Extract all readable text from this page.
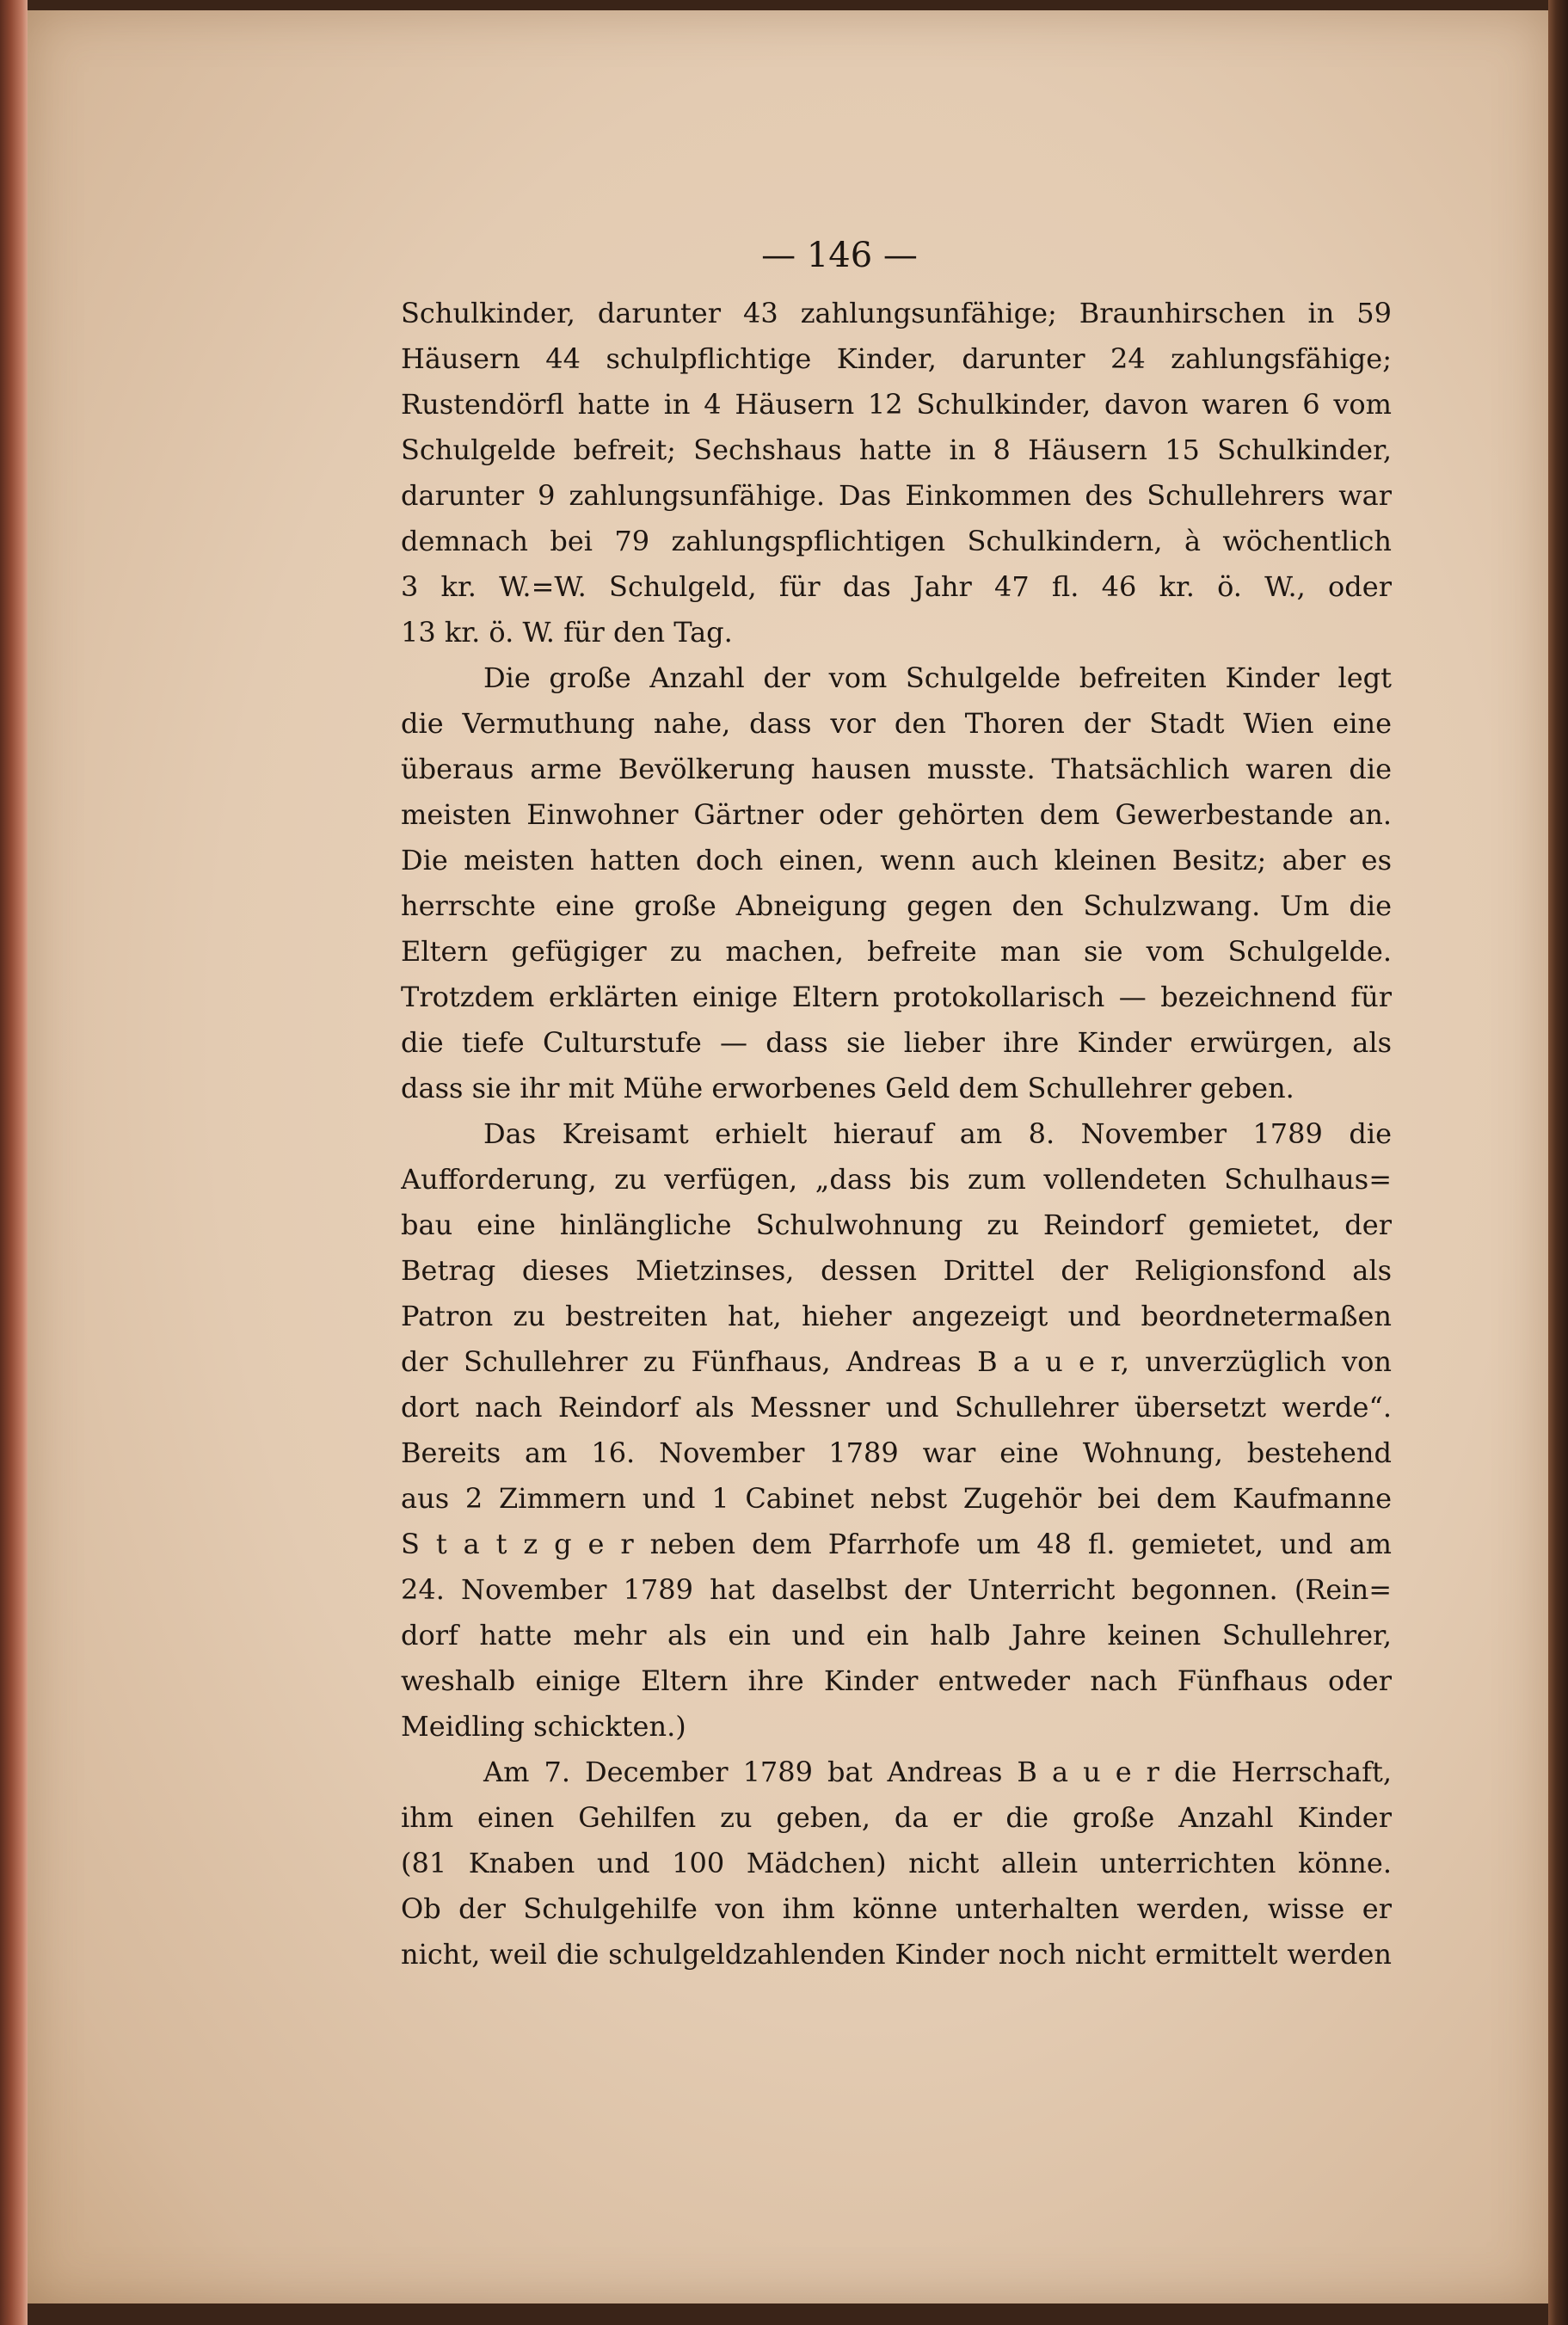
— 146 —
Schulkinder, darunter 43 zahlungsunfähige; Braunhirschen in 59
Häusern 44 schulpflichtige Kinder, darunter 24 zahlungsfähige;
Rustendörfl hatte in 4 Häusern 12 Schulkinder, davon waren 6 vom
Schulgelde befreit; Sechshaus hatte in 8 Häusern 15 Schulkinder,
darunter 9 zahlungsunfähige. Das Einkommen des Schullehrers war
demnach bei 79 zahlungspflichtigen Schulkindern, à wöchentlich
3 kr. W.=W. Schulgeld, für das Jahr 47 fl. 46 kr. ö. W., oder
13 kr. ö. W. für den Tag.
Die große Anzahl der vom Schulgelde befreiten Kinder legt
die Vermuthung nahe, dass vor den Thoren der Stadt Wien eine
überaus arme Bevölkerung hausen musste. Thatsächlich waren die
meisten Einwohner Gärtner oder gehörten dem Gewerbestande an.
Die meisten hatten doch einen, wenn auch kleinen Besitz; aber es
herrschte eine große Abneigung gegen den Schulzwang. Um die
Eltern gefügiger zu machen, befreite man sie vom Schulgelde.
Trotzdem erklärten einige Eltern protokollarisch — bezeichnend für
die tiefe Culturstufe — dass sie lieber ihre Kinder erwürgen, als
dass sie ihr mit Mühe erworbenes Geld dem Schullehrer geben.
Das Kreisamt erhielt hierauf am 8. November 1789 die
Aufforderung, zu verfügen, „dass bis zum vollendeten Schulhaus=
bau eine hinlängliche Schulwohnung zu Reindorf gemietet, der
Betrag dieses Mietzinses, dessen Drittel der Religionsfond als
Patron zu bestreiten hat, hieher angezeigt und beordnetermaßen
der Schullehrer zu Fünfhaus, Andreas B a u e r, unverzüglich von
dort nach Reindorf als Messner und Schullehrer übersetzt werde“.
Bereits am 16. November 1789 war eine Wohnung, bestehend
aus 2 Zimmern und 1 Cabinet nebst Zugehör bei dem Kaufmanne
S t a t z g e r neben dem Pfarrhofe um 48 fl. gemietet, und am
24. November 1789 hat daselbst der Unterricht begonnen. (Rein=
dorf hatte mehr als ein und ein halb Jahre keinen Schullehrer,
weshalb einige Eltern ihre Kinder entweder nach Fünfhaus oder
Meidling schickten.)
Am 7. December 1789 bat Andreas B a u e r die Herrschaft,
ihm einen Gehilfen zu geben, da er die große Anzahl Kinder
(81 Knaben und 100 Mädchen) nicht allein unterrichten könne.
Ob der Schulgehilfe von ihm könne unterhalten werden, wisse er
nicht, weil die schulgeldzahlenden Kinder noch nicht ermittelt werden
